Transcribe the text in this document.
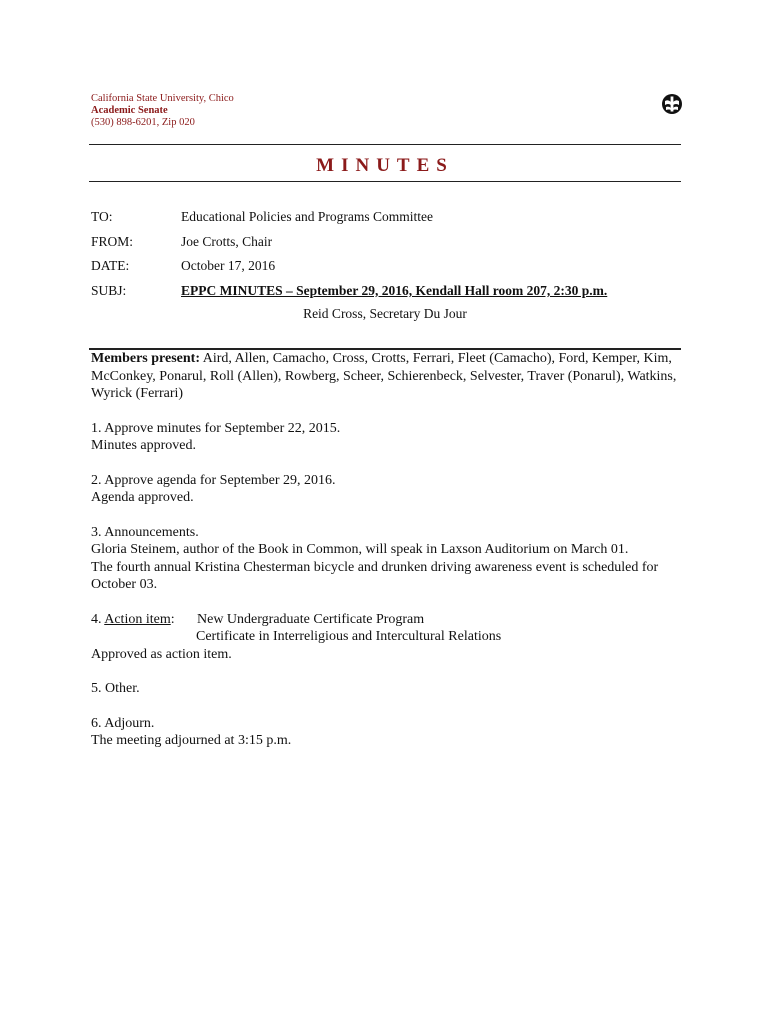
California State University, Chico
Academic Senate
(530) 898-6201, Zip 020
MINUTES
TO:	Educational Policies and Programs Committee
FROM:	Joe Crotts, Chair
DATE:	October 17, 2016
SUBJ:	EPPC MINUTES – September 29, 2016, Kendall Hall room 207, 2:30 p.m.
Reid Cross, Secretary Du Jour

Members present: Aird, Allen, Camacho, Cross, Crotts, Ferrari, Fleet (Camacho), Ford, Kemper, Kim, McConkey, Ponarul, Roll (Allen), Rowberg, Scheer, Schierenbeck, Selvester, Traver (Ponarul), Watkins, Wyrick (Ferrari)

1. Approve minutes for September 22, 2015.
Minutes approved.

2. Approve agenda for September 29, 2016.
Agenda approved.

3. Announcements.
Gloria Steinem, author of the Book in Common, will speak in Laxson Auditorium on March 01.
The fourth annual Kristina Chesterman bicycle and drunken driving awareness event is scheduled for October 03.

4. Action item: New Undergraduate Certificate Program
Certificate in Interreligious and Intercultural Relations
Approved as action item.

5. Other.

6. Adjourn.
The meeting adjourned at 3:15 p.m.
